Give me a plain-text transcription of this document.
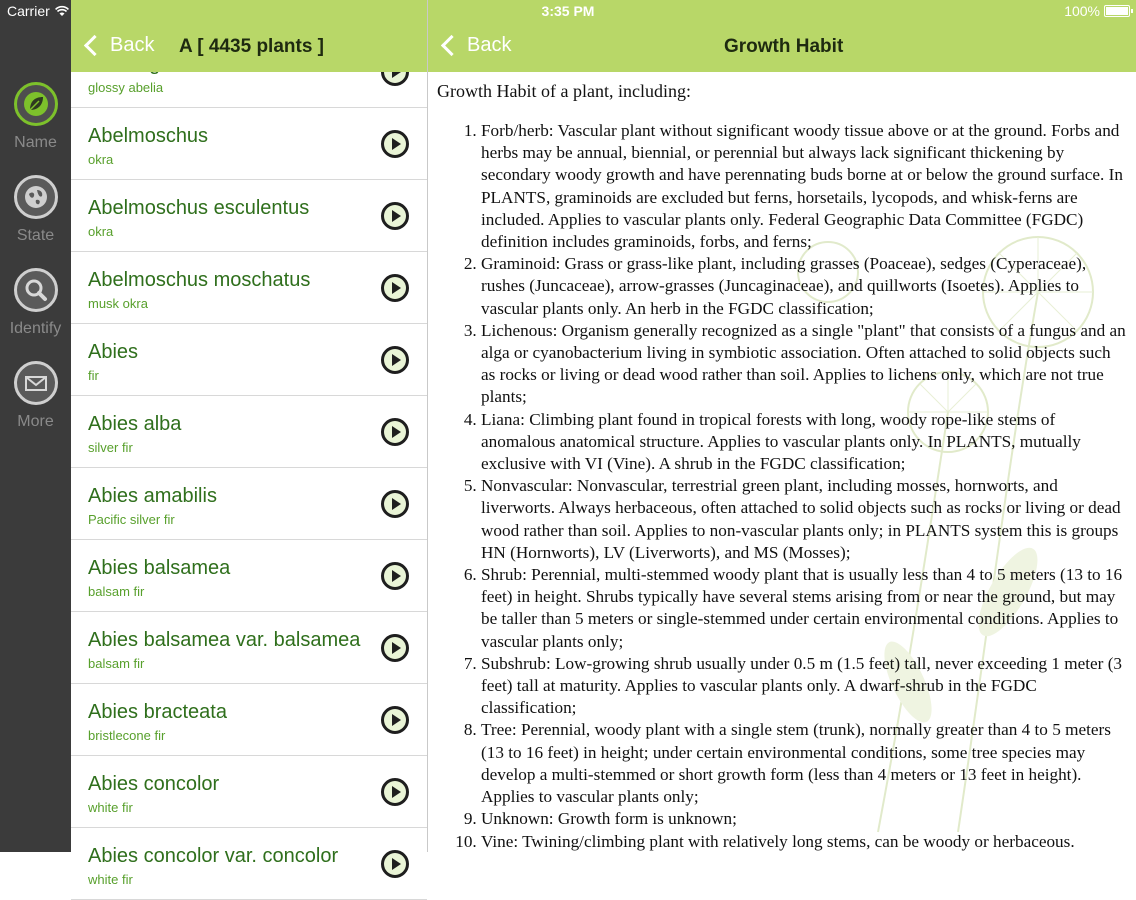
Name
State
Identify
More
glossy abelia
Abelmoschus
okra
Abelmoschus esculentus
okra
Abelmoschus moschatus
musk okra
Abies
fir
Abies alba
silver fir
Abies amabilis
Pacific silver fir
Abies balsamea
balsam fir
Abies balsamea var. balsamea
balsam fir
Abies bracteata
bristlecone fir
Abies concolor
white fir
Abies concolor var. concolor
white fir
Back A [ 4435 plants ]	Back	Growth Habit
Carrier	3:35 PM	100%
Growth Habit of a plant, including:
1. Forb/herb: Vascular plant without significant woody tissue above or at the ground. Forbs and herbs may be annual, biennial, or perennial but always lack significant thickening by secondary woody growth and have perennating buds borne at or below the ground surface. In PLANTS, graminoids are excluded but ferns, horsetails, lycopods, and whisk-ferns are included. Applies to vascular plants only. Federal Geographic Data Committee (FGDC) definition includes graminoids, forbs, and ferns;
2. Graminoid: Grass or grass-like plant, including grasses (Poaceae), sedges (Cyperaceae), rushes (Juncaceae), arrow-grasses (Juncaginaceae), and quillworts (Isoetes). Applies to vascular plants only. An herb in the FGDC classification;
3. Lichenous: Organism generally recognized as a single "plant" that consists of a fungus and an alga or cyanobacterium living in symbiotic association. Often attached to solid objects such as rocks or living or dead wood rather than soil. Applies to lichens only, which are not true plants;
4. Liana: Climbing plant found in tropical forests with long, woody rope-like stems of anomalous anatomical structure. Applies to vascular plants only. In PLANTS, mutually exclusive with VI (Vine). A shrub in the FGDC classification;
5. Nonvascular: Nonvascular, terrestrial green plant, including mosses, hornworts, and liverworts. Always herbaceous, often attached to solid objects such as rocks or living or dead wood rather than soil. Applies to non-vascular plants only; in PLANTS system this is groups HN (Hornworts), LV (Liverworts), and MS (Mosses);
6. Shrub: Perennial, multi-stemmed woody plant that is usually less than 4 to 5 meters (13 to 16 feet) in height. Shrubs typically have several stems arising from or near the ground, but may be taller than 5 meters or single-stemmed under certain environmental conditions. Applies to vascular plants only;
7. Subshrub: Low-growing shrub usually under 0.5 m (1.5 feet) tall, never exceeding 1 meter (3 feet) tall at maturity. Applies to vascular plants only. A dwarf-shrub in the FGDC classification;
8. Tree: Perennial, woody plant with a single stem (trunk), normally greater than 4 to 5 meters (13 to 16 feet) in height; under certain environmental conditions, some tree species may develop a multi-stemmed or short growth form (less than 4 meters or 13 feet in height). Applies to vascular plants only;
9. Unknown: Growth form is unknown;
10. Vine: Twining/climbing plant with relatively long stems, can be woody or herbaceous.
